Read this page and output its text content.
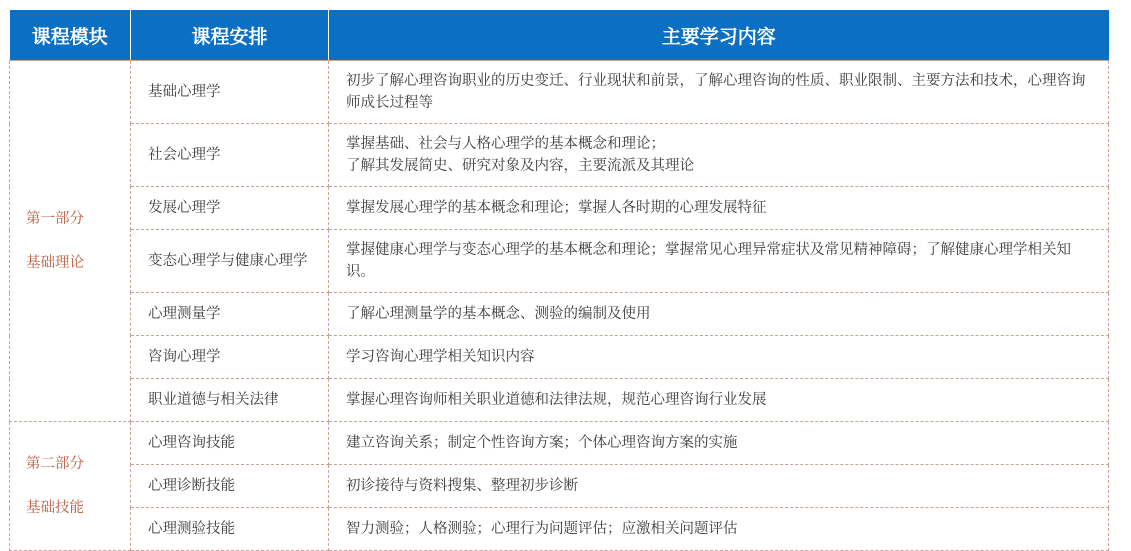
课程模块	课程安排	主要学习内容

第一部分
基础理论	基础心理学	初步了解心理咨询职业的历史变迁、行业现状和前景，了解心理咨询的性质、职业限制、主要方法和技术，心理咨询师成长过程等

	社会心理学	掌握基础、社会与人格心理学的基本概念和理论；
了解其发展简史、研究对象及内容，主要流派及其理论

	发展心理学	掌握发展心理学的基本概念和理论；掌握人各时期的心理发展特征

	变态心理学与健康心理学	掌握健康心理学与变态心理学的基本概念和理论；掌握常见心理异常症状及常见精神障碍；了解健康心理学相关知识。

	心理测量学	了解心理测量学的基本概念、测验的编制及使用

	咨询心理学	学习咨询心理学相关知识内容

	职业道德与相关法律	掌握心理咨询师相关职业道德和法律法规，规范心理咨询行业发展

第二部分
基础技能	心理咨询技能	建立咨询关系；制定个性咨询方案；个体心理咨询方案的实施

	心理诊断技能	初诊接待与资料搜集、整理初步诊断

	心理测验技能	智力测验；人格测验；心理行为问题评估；应激相关问题评估
